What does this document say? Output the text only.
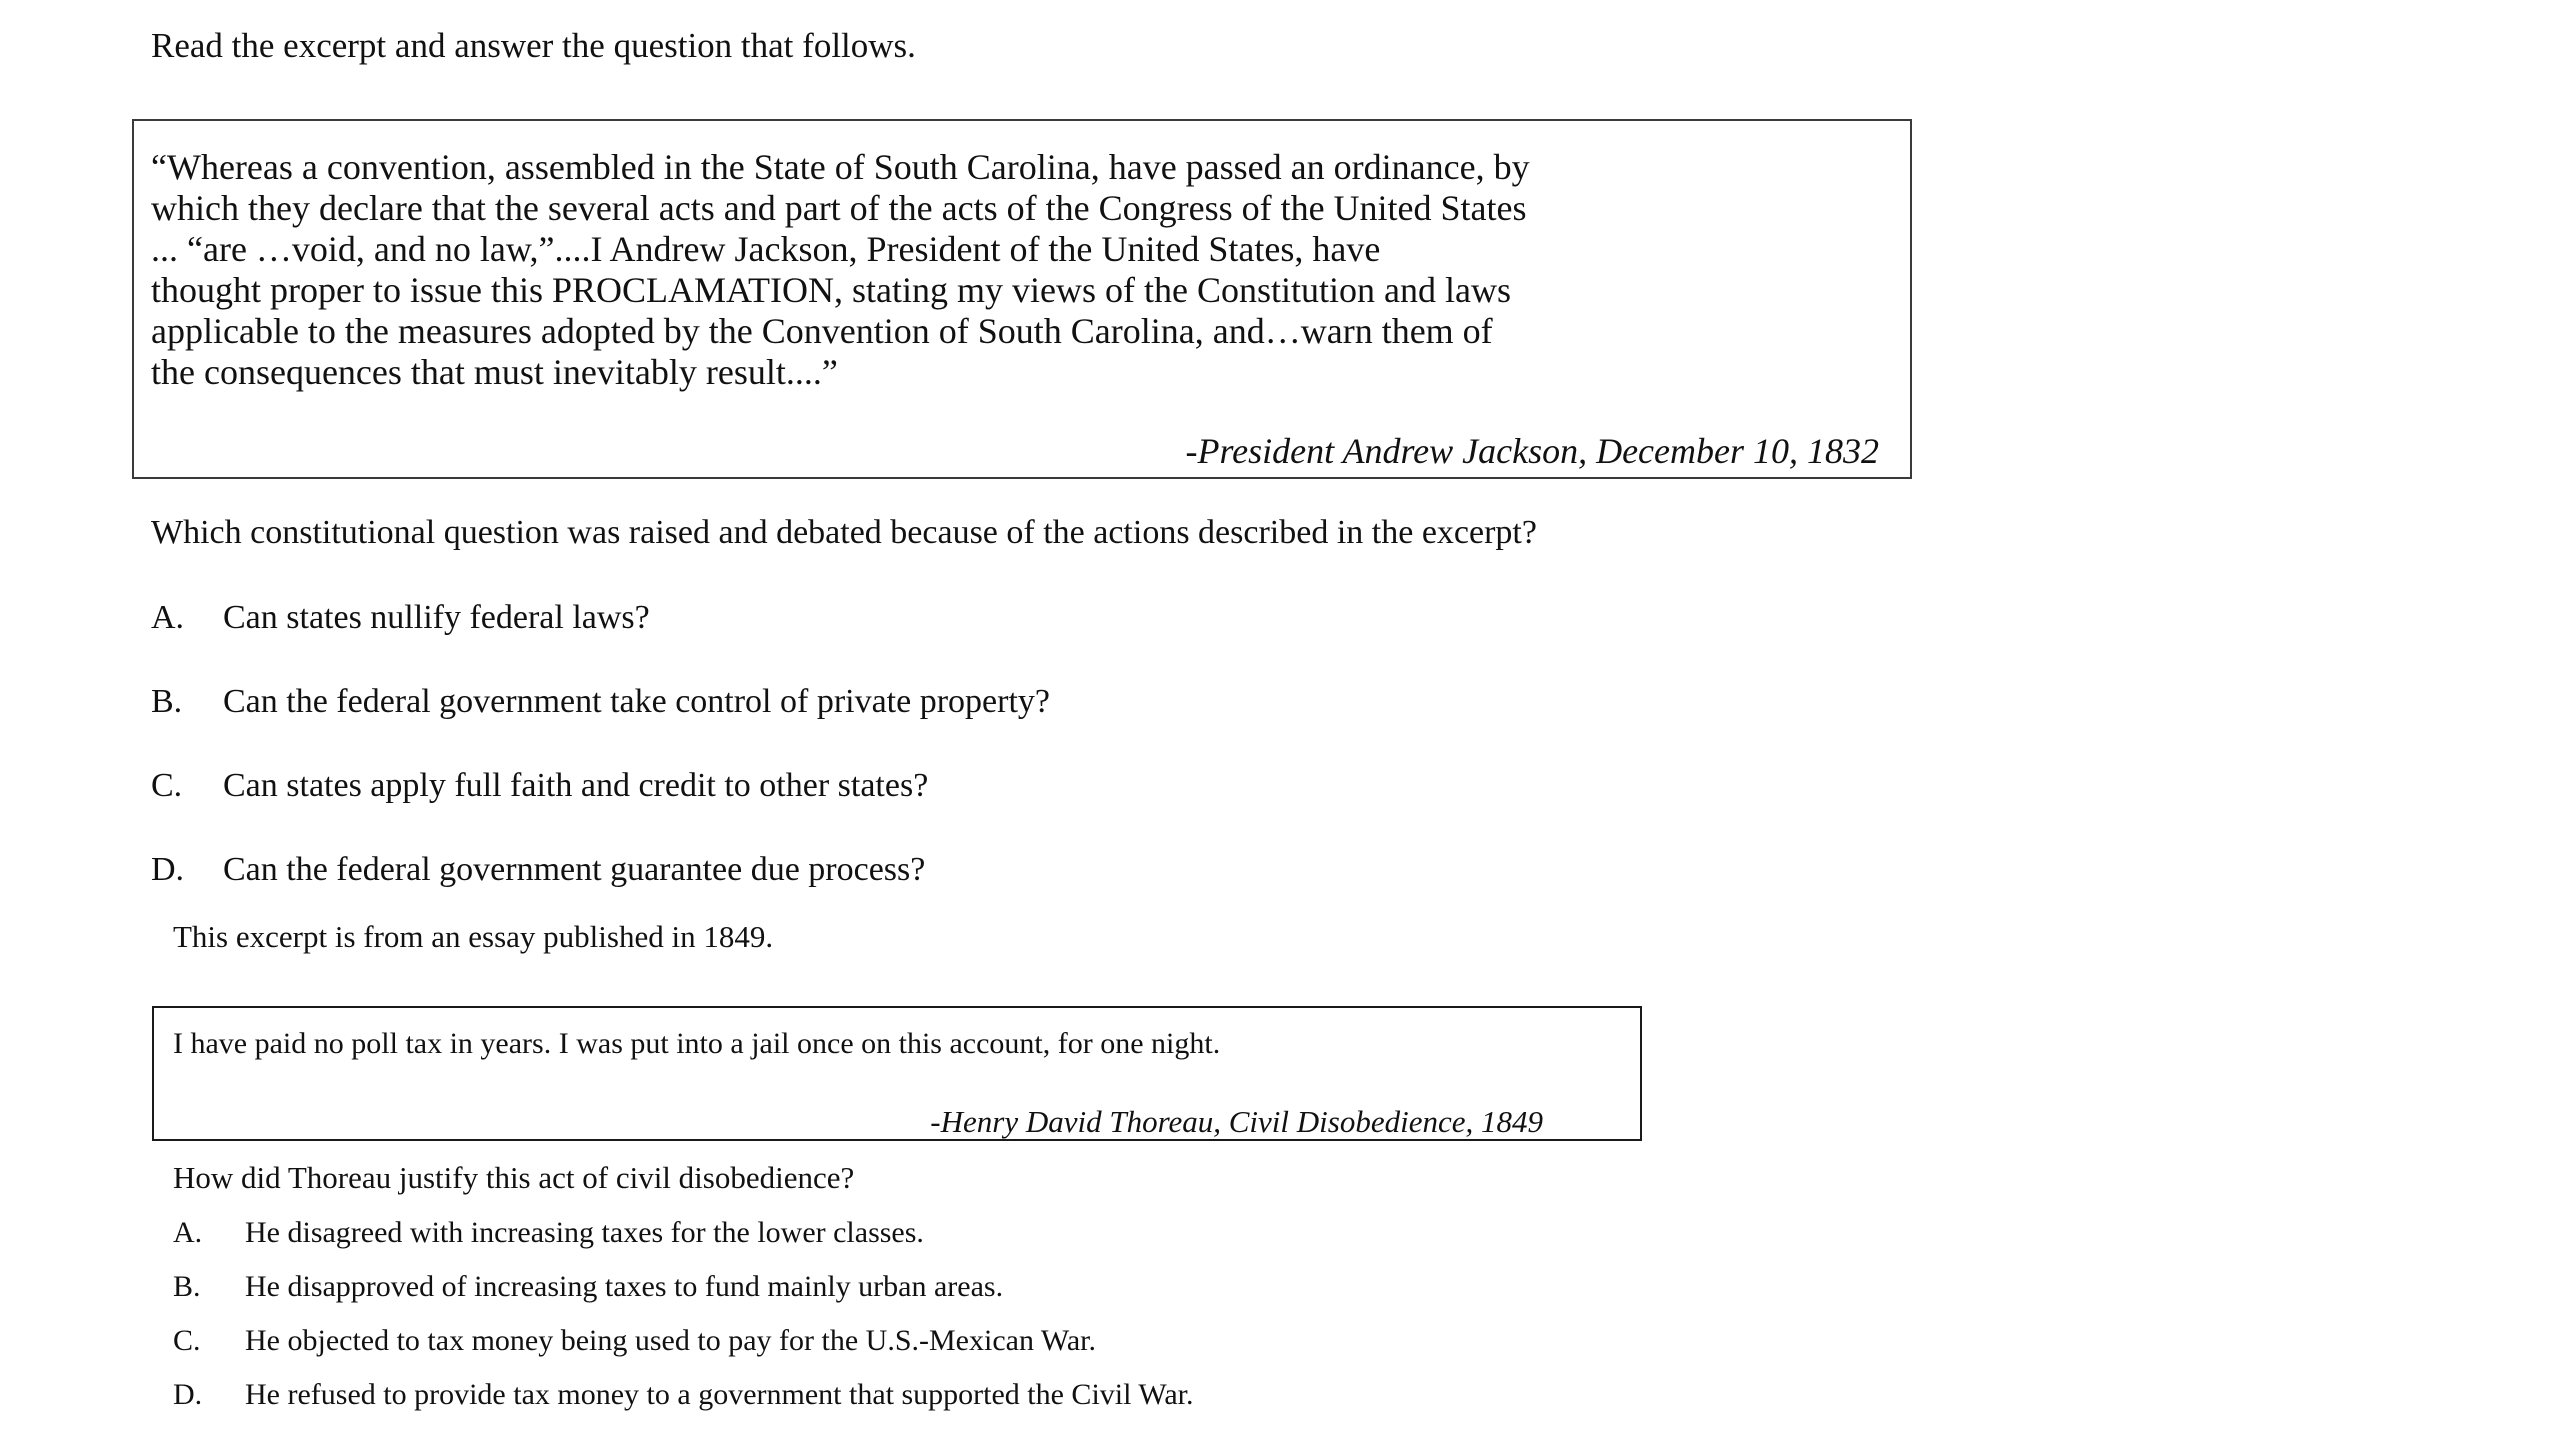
Read the excerpt and answer the question that follows.
“Whereas a convention, assembled in the State of South Carolina, have passed an ordinance, by
which they declare that the several acts and part of the acts of the Congress of the United States
... “are …void, and no law,”....I Andrew Jackson, President of the United States, have
thought proper to issue this PROCLAMATION, stating my views of the Constitution and laws
applicable to the measures adopted by the Convention of South Carolina, and…warn them of
the consequences that must inevitably result....”
-President Andrew Jackson, December 10, 1832
Which constitutional question was raised and debated because of the actions described in the excerpt?
A. Can states nullify federal laws?
B. Can the federal government take control of private property?
C. Can states apply full faith and credit to other states?
D. Can the federal government guarantee due process?
This excerpt is from an essay published in 1849.
I have paid no poll tax in years. I was put into a jail once on this account, for one night.
-Henry David Thoreau, Civil Disobedience, 1849
How did Thoreau justify this act of civil disobedience?
A. He disagreed with increasing taxes for the lower classes.
B. He disapproved of increasing taxes to fund mainly urban areas.
C. He objected to tax money being used to pay for the U.S.-Mexican War.
D. He refused to provide tax money to a government that supported the Civil War.
